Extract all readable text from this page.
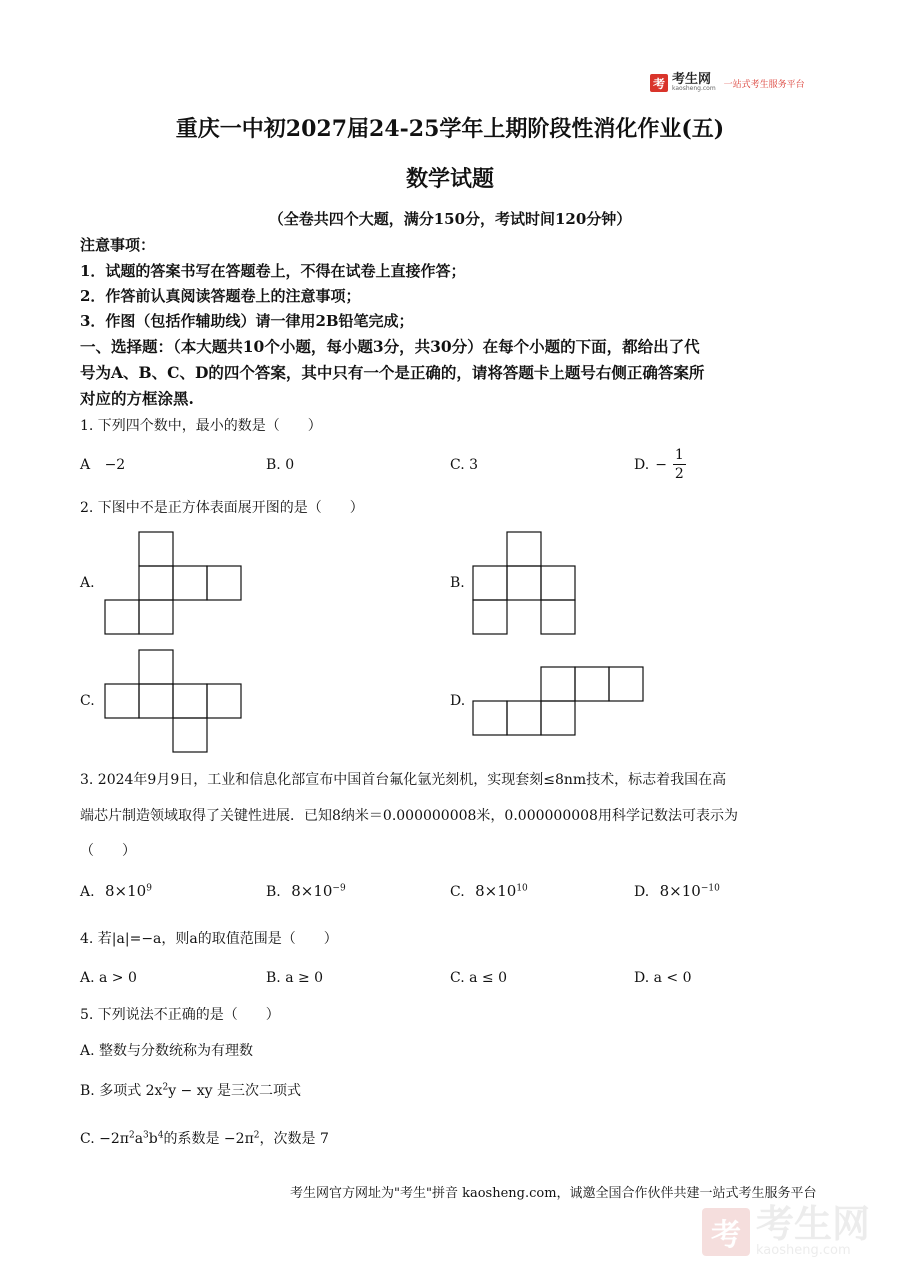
考 考生网
kaosheng.com 一站式考生服务平台
重庆一中初2027届24-25学年上期阶段性消化作业(五)
数学试题
（全卷共四个大题，满分150分，考试时间120分钟）
注意事项：
1．试题的答案书写在答题卷上，不得在试卷上直接作答；
2．作答前认真阅读答题卷上的注意事项；
3．作图（包括作辅助线）请一律用2B铅笔完成；
一、选择题：（本大题共10个小题，每小题3分，共30分）在每个小题的下面，都给出了代
号为A、B、C、D的四个答案，其中只有一个是正确的，请将答题卡上题号右侧正确答案所
对应的方框涂黑.
1. 下列四个数中，最小的数是（　　）
A −2	B. 0	C. 3	D. − $\frac{1}{2}$
2. 下图中不是正方体表面展开图的是（　　）
A.	B.
C.	D.
3. 2024年9月9日，工业和信息化部宣布中国首台氟化氩光刻机，实现套刻≤8nm技术，标志着我国在高
端芯片制造领域取得了关键性进展．已知8纳米＝0.000000008米，0.000000008用科学记数法可表示为
（　　）
A. $8\times 10^9$	B. $8\times 10^{-9}$	C. $8\times 10^{10}$	D. $8\times 10^{-10}$
4. 若|a|=−a，则a的取值范围是（　　）
A. a > 0	B. a ≥ 0	C. a ≤ 0	D. a < 0
5. 下列说法不正确的是（　　）
A. 整数与分数统称为有理数
B. 多项式 $2x^2y$ − xy 是三次二项式
C. $-2\pi^2a^3b^4$的系数是 $-2\pi^2$，次数是 7
考生网官方网址为"考生"拼音 kaosheng.com，诚邀全国合作伙伴共建一站式考生服务平台
考 考生网
kaosheng.com
